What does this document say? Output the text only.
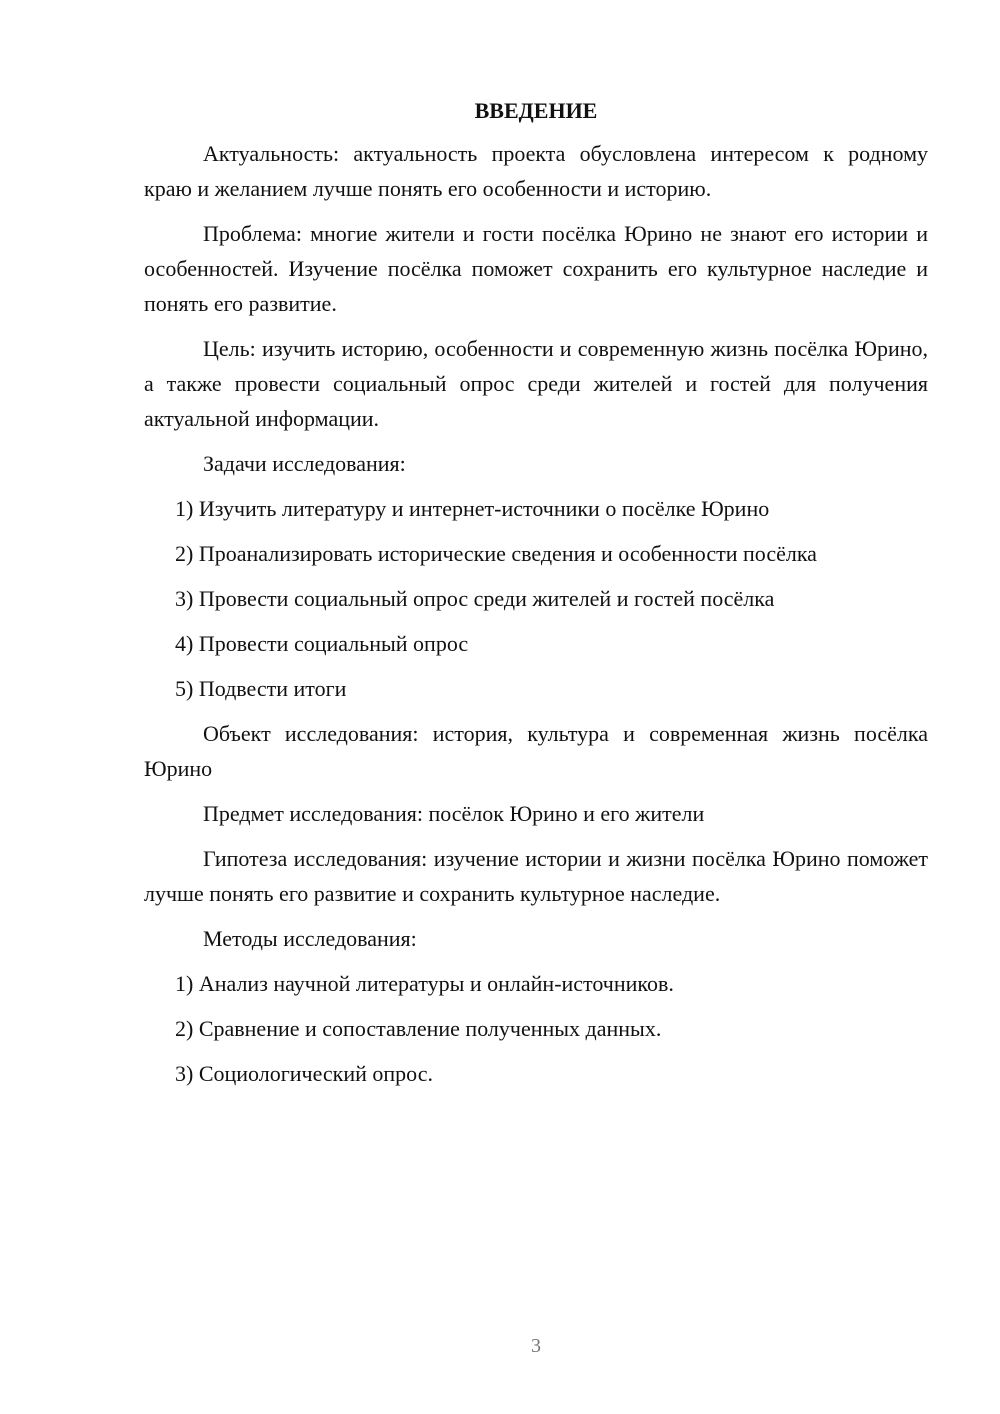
ВВЕДЕНИЕ

Актуальность: актуальность проекта обусловлена интересом к родному краю и желанием лучше понять его особенности и историю.

Проблема: многие жители и гости посёлка Юрино не знают его истории и особенностей. Изучение посёлка поможет сохранить его культурное наследие и понять его развитие.

Цель: изучить историю, особенности и современную жизнь посёлка Юрино, а также провести социальный опрос среди жителей и гостей для получения актуальной информации.

Задачи исследования:

1) Изучить литературу и интернет-источники о посёлке Юрино
2) Проанализировать исторические сведения и особенности посёлка
3) Провести социальный опрос среди жителей и гостей посёлка
4) Провести социальный опрос
5) Подвести итоги

Объект исследования: история, культура и современная жизнь посёлка Юрино

Предмет исследования: посёлок Юрино и его жители

Гипотеза исследования: изучение истории и жизни посёлка Юрино поможет лучше понять его развитие и сохранить культурное наследие.

Методы исследования:

1) Анализ научной литературы и онлайн-источников.
2) Сравнение и сопоставление полученных данных.
3) Социологический опрос.
3
